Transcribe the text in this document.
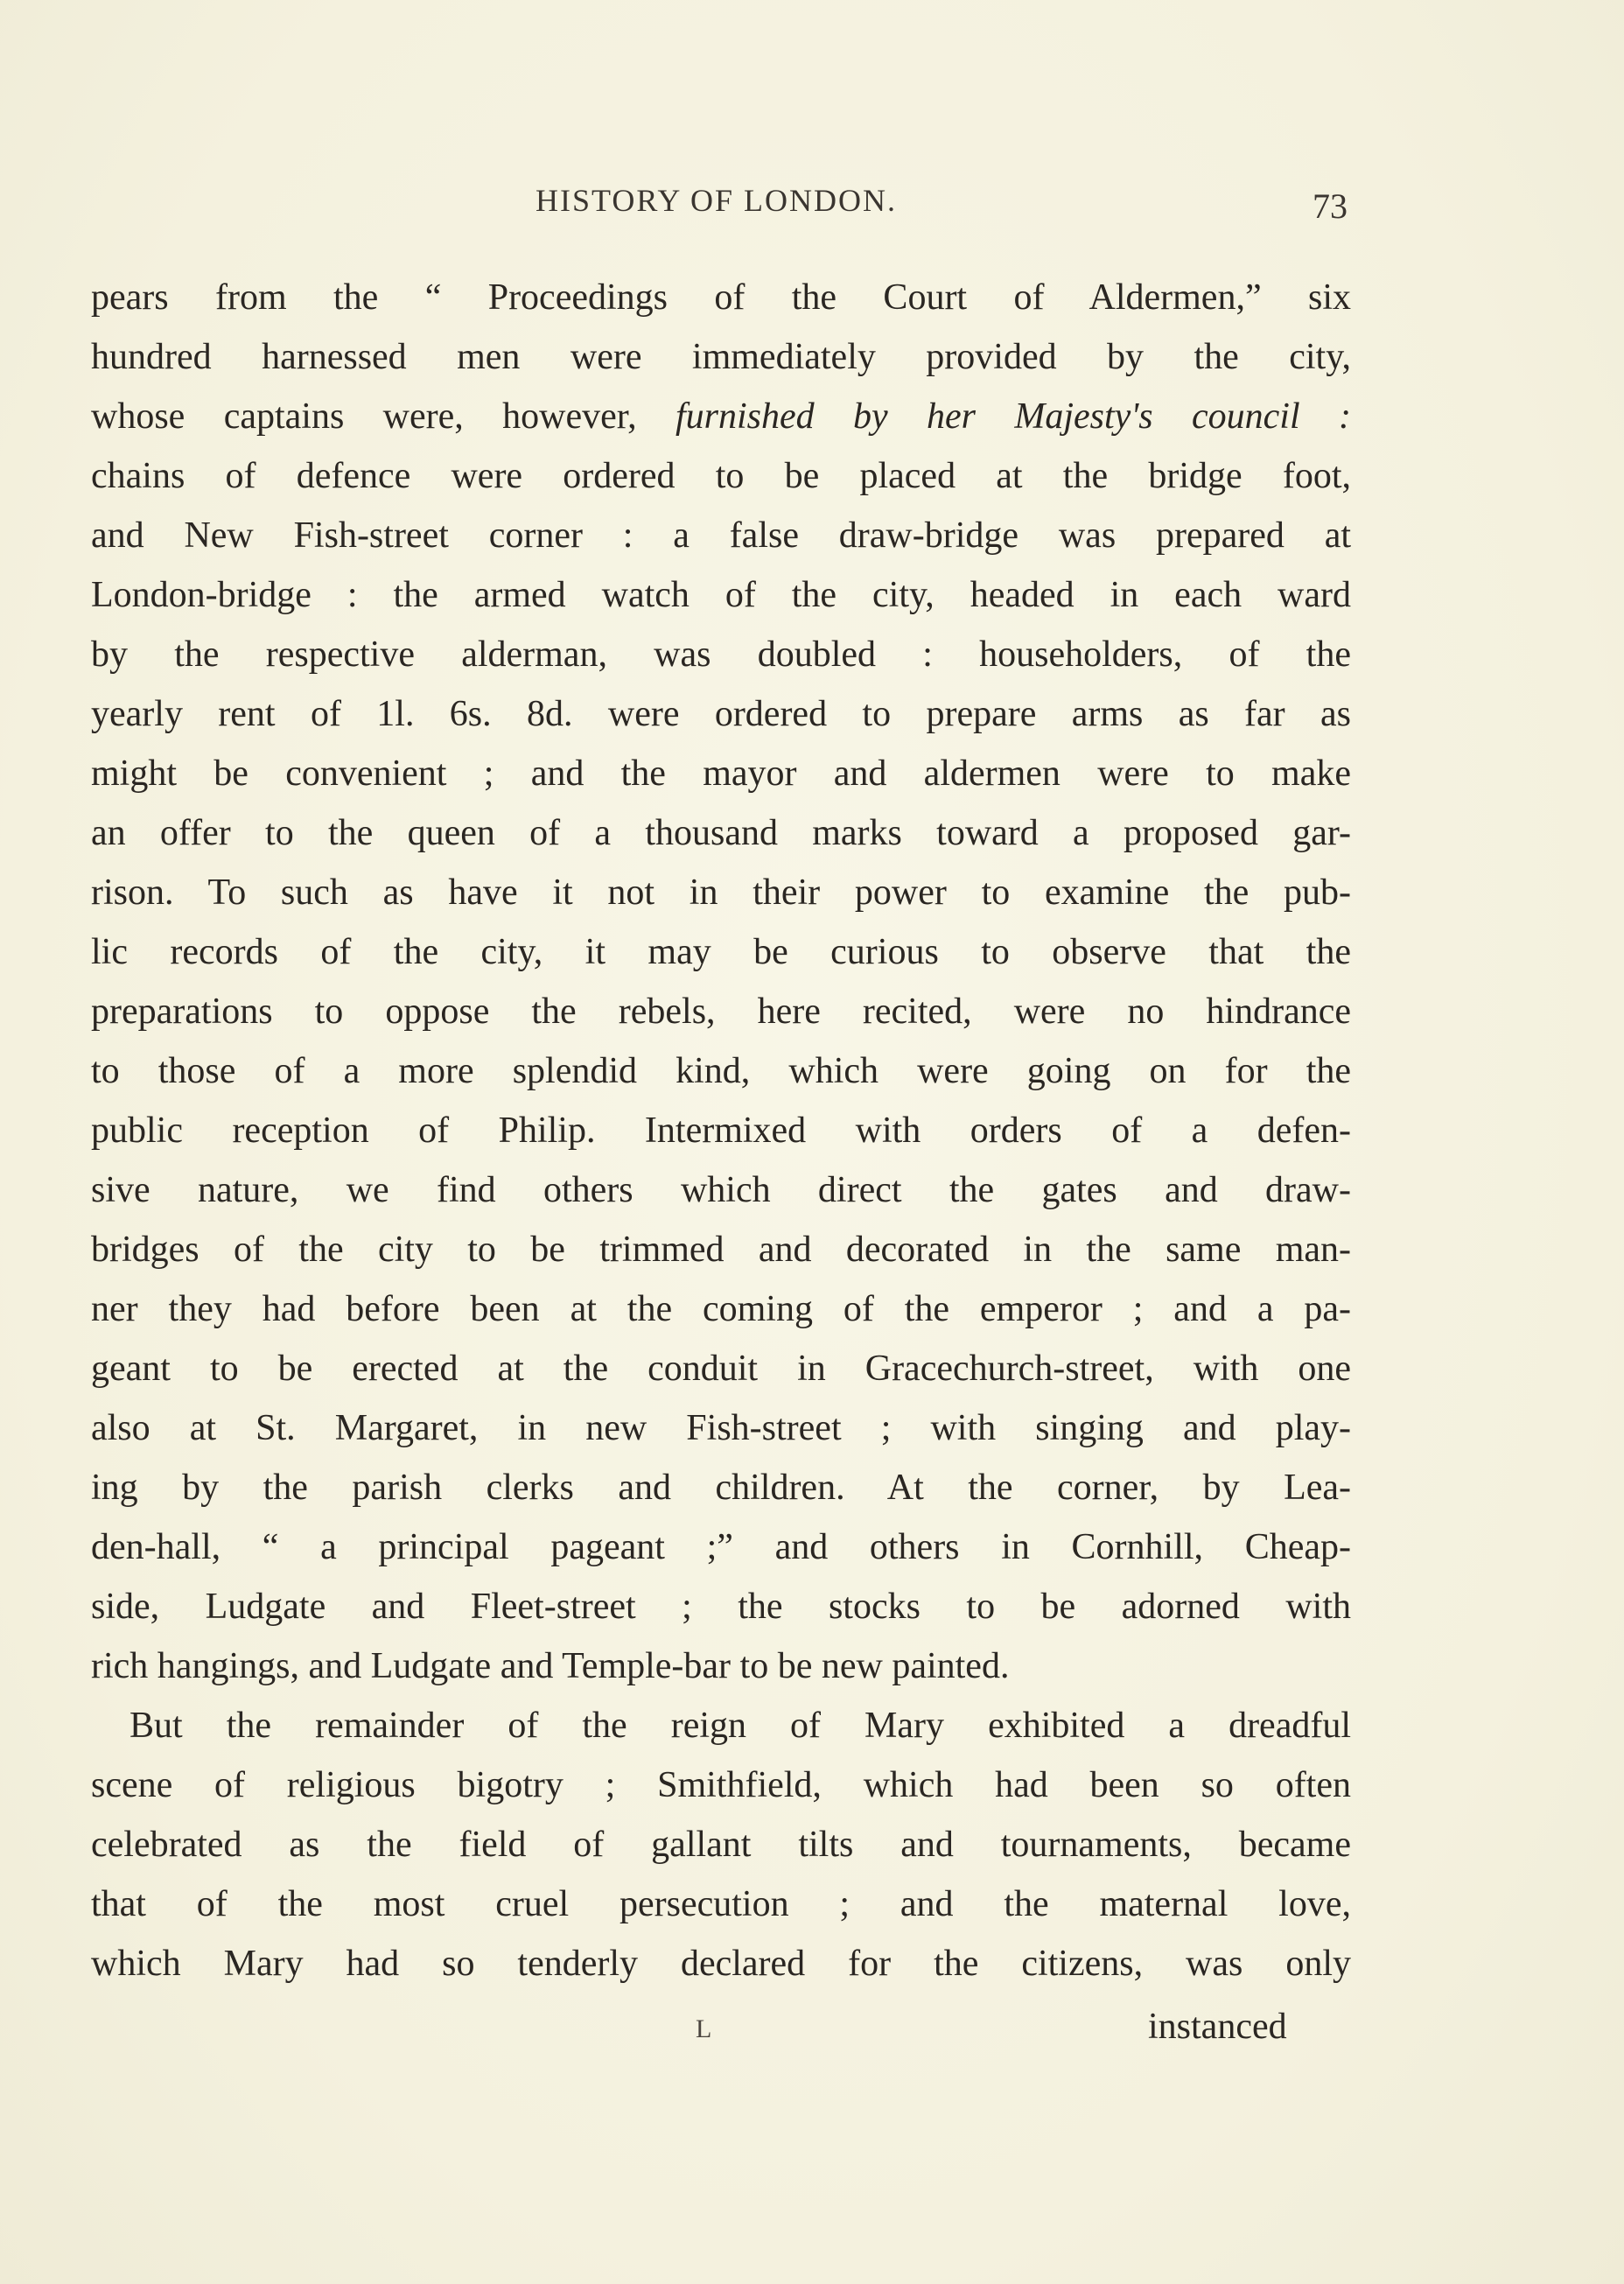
HISTORY OF LONDON.	73
pears from the “ Proceedings of the Court of Aldermen,” six
hundred harnessed men were immediately provided by the city,
whose captains were, however, furnished by her Majesty's council :
chains of defence were ordered to be placed at the bridge foot,
and New Fish-street corner : a false draw-bridge was prepared at
London-bridge : the armed watch of the city, headed in each ward
by the respective alderman, was doubled : householders, of the
yearly rent of 1l. 6s. 8d. were ordered to prepare arms as far as
might be convenient ; and the mayor and aldermen were to make
an offer to the queen of a thousand marks toward a proposed gar-
rison. To such as have it not in their power to examine the pub-
lic records of the city, it may be curious to observe that the
preparations to oppose the rebels, here recited, were no hindrance
to those of a more splendid kind, which were going on for the
public reception of Philip. Intermixed with orders of a defen-
sive nature, we find others which direct the gates and draw-
bridges of the city to be trimmed and decorated in the same man-
ner they had before been at the coming of the emperor ; and a pa-
geant to be erected at the conduit in Gracechurch-street, with one
also at St. Margaret, in new Fish-street ; with singing and play-
ing by the parish clerks and children. At the corner, by Lea-
den-hall, “ a principal pageant ;” and others in Cornhill, Cheap-
side, Ludgate and Fleet-street ; the stocks to be adorned with
rich hangings, and Ludgate and Temple-bar to be new painted.
But the remainder of the reign of Mary exhibited a dreadful
scene of religious bigotry ; Smithfield, which had been so often
celebrated as the field of gallant tilts and tournaments, became
that of the most cruel persecution ; and the maternal love,
which Mary had so tenderly declared for the citizens, was only
L	instanced
